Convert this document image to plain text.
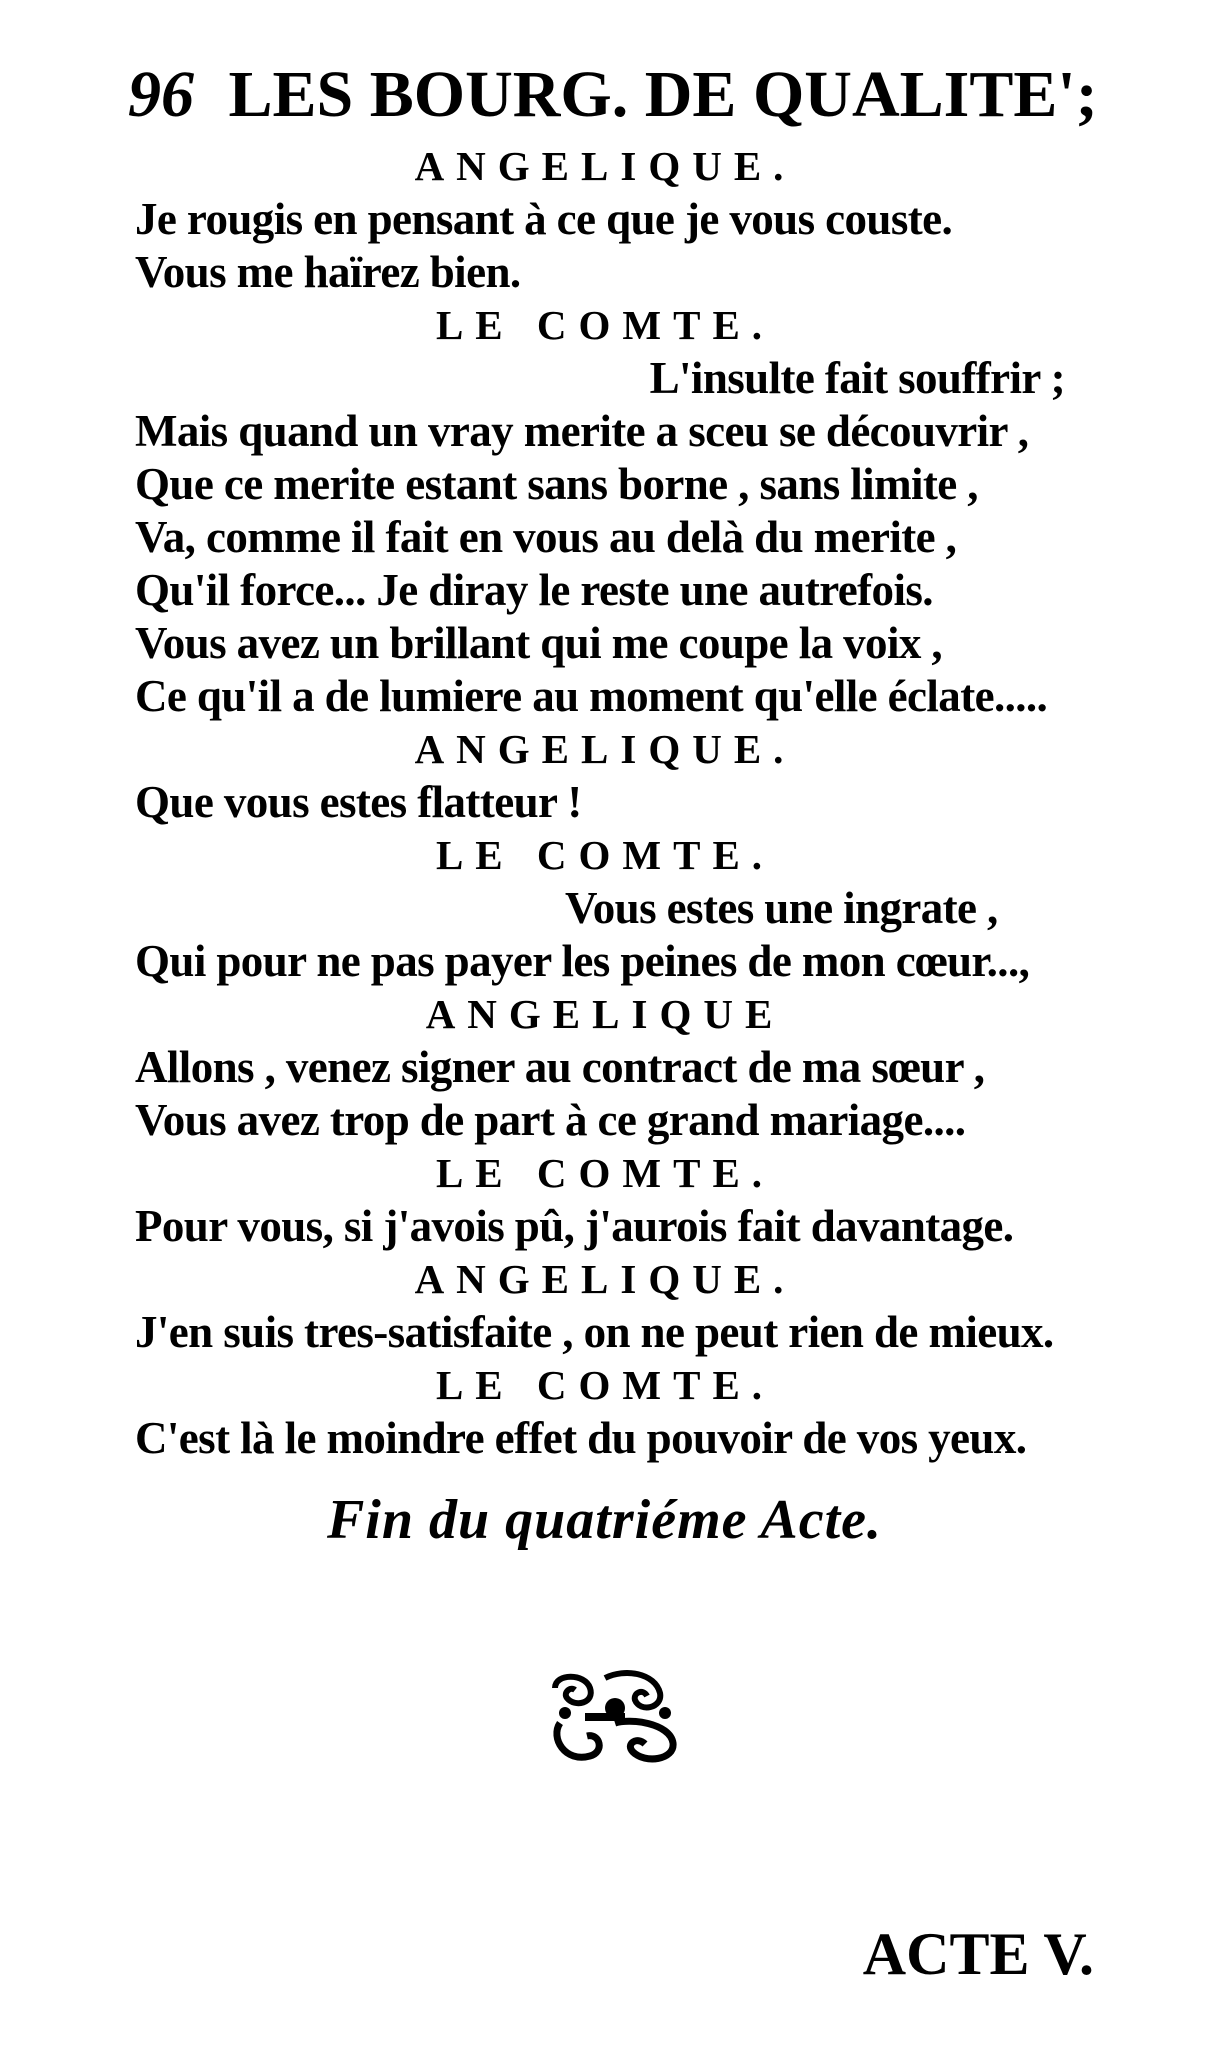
96 LES BOURG. DE QUALITE';
ANGELIQUE.
Je rougis en pensant à ce que je vous couste.
Vous me haïrez bien.
LE COMTE.
L'insulte fait souffrir ;
Mais quand un vray merite a sceu se découvrir ,
Que ce merite estant sans borne , sans limite ,
Va, comme il fait en vous au delà du merite ,
Qu'il force... Je diray le reste une autrefois.
Vous avez un brillant qui me coupe la voix ,
Ce qu'il a de lumiere au moment qu'elle éclate.....
ANGELIQUE.
Que vous estes flatteur !
LE COMTE.
Vous estes une ingrate ,
Qui pour ne pas payer les peines de mon cœur...,
ANGELIQUE
Allons , venez signer au contract de ma sœur ,
Vous avez trop de part à ce grand mariage....
LE COMTE.
Pour vous, si j'avois pû, j'aurois fait davantage.
ANGELIQUE.
J'en suis tres-satisfaite , on ne peut rien de mieux.
LE COMTE.
C'est là le moindre effet du pouvoir de vos yeux.
Fin du quatriéme Acte.
ACTE V.
